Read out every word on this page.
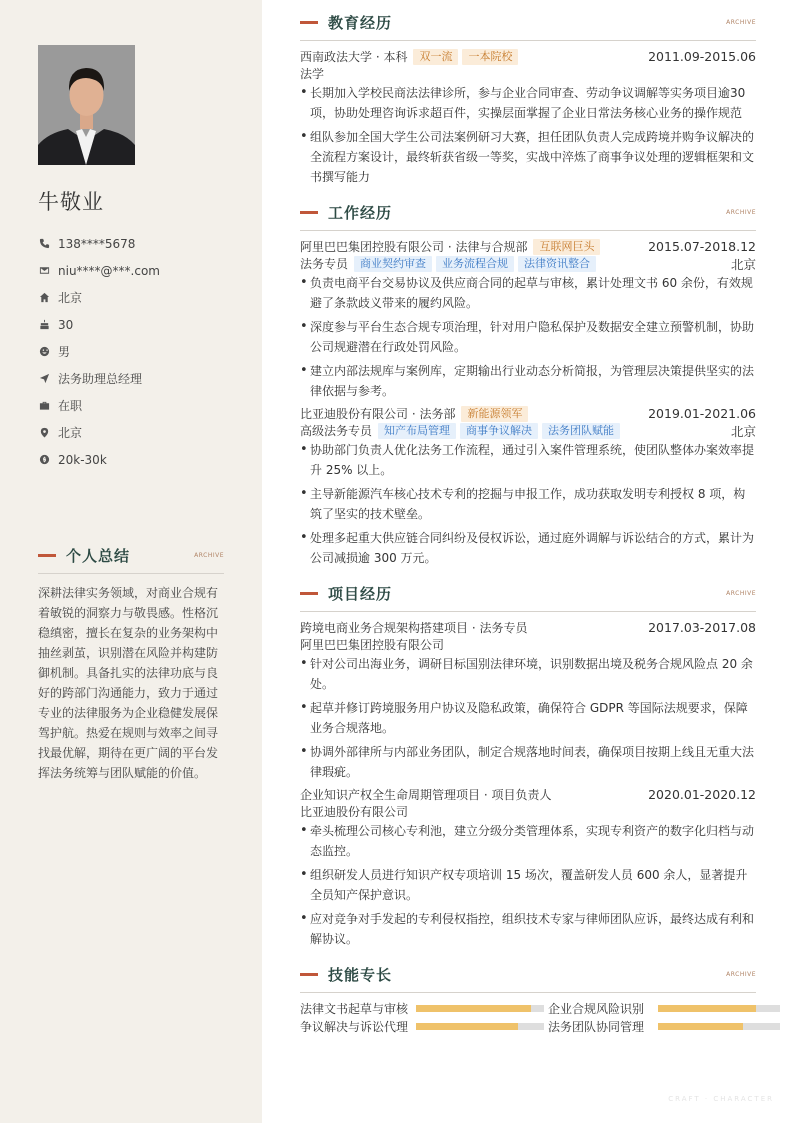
牛敬业
138****5678
niu****@***.com
北京
30
男
法务助理总经理
在职
北京
20k-30k
个人总结	ARCHIVE

深耕法律实务领域，对商业合规有着敏锐的洞察力与敬畏感。性格沉稳缜密，擅长在复杂的业务架构中抽丝剥茧，识别潜在风险并构建防御机制。具备扎实的法律功底与良好的跨部门沟通能力，致力于通过专业的法律服务为企业稳健发展保驾护航。热爱在规则与效率之间寻找最优解，期待在更广阔的平台发挥法务统筹与团队赋能的价值。

教育经历	ARCHIVE
西南政法大学 · 本科	双一流	一本院校	2011.09-2015.06
法学
• 长期加入学校民商法法律诊所，参与企业合同审查、劳动争议调解等实务项目逾30项，协助处理咨询诉求超百件，实操层面掌握了企业日常法务核心业务的操作规范
• 组队参加全国大学生公司法案例研习大赛，担任团队负责人完成跨境并购争议解决的全流程方案设计，最终斩获省级一等奖，实战中淬炼了商事争议处理的逻辑框架和文书撰写能力
工作经历	ARCHIVE
阿里巴巴集团控股有限公司 · 法律与合规部	互联网巨头	2015.07-2018.12
法务专员	商业契约审查	业务流程合规	法律资讯整合	北京
• 负责电商平台交易协议及供应商合同的起草与审核，累计处理文书 60 余份，有效规避了条款歧义带来的履约风险。
• 深度参与平台生态合规专项治理，针对用户隐私保护及数据安全建立预警机制，协助公司规避潜在行政处罚风险。
• 建立内部法规库与案例库，定期输出行业动态分析简报，为管理层决策提供坚实的法律依据与参考。
比亚迪股份有限公司 · 法务部	新能源领军	2019.01-2021.06
高级法务专员	知产布局管理	商事争议解决	法务团队赋能	北京
• 协助部门负责人优化法务工作流程，通过引入案件管理系统，使团队整体办案效率提升 25% 以上。
• 主导新能源汽车核心技术专利的挖掘与申报工作，成功获取发明专利授权 8 项，构筑了坚实的技术壁垒。
• 处理多起重大供应链合同纠纷及侵权诉讼，通过庭外调解与诉讼结合的方式，累计为公司减损逾 300 万元。
项目经历	ARCHIVE
跨境电商业务合规架构搭建项目 · 法务专员	2017.03-2017.08
阿里巴巴集团控股有限公司
• 针对公司出海业务，调研目标国别法律环境，识别数据出境及税务合规风险点 20 余处。
• 起草并修订跨境服务用户协议及隐私政策，确保符合 GDPR 等国际法规要求，保障业务合规落地。
• 协调外部律所与内部业务团队，制定合规落地时间表，确保项目按期上线且无重大法律瑕疵。
企业知识产权全生命周期管理项目 · 项目负责人	2020.01-2020.12
比亚迪股份有限公司
• 牵头梳理公司核心专利池，建立分级分类管理体系，实现专利资产的数字化归档与动态监控。
• 组织研发人员进行知识产权专项培训 15 场次，覆盖研发人员 600 余人，显著提升全员知产保护意识。
• 应对竞争对手发起的专利侵权指控，组织技术专家与律师团队应诉，最终达成有利和解协议。
技能专长	ARCHIVE
法律文书起草与审核	企业合规风险识别
争议解决与诉讼代理	法务团队协同管理
CRAFT · CHARACTER
